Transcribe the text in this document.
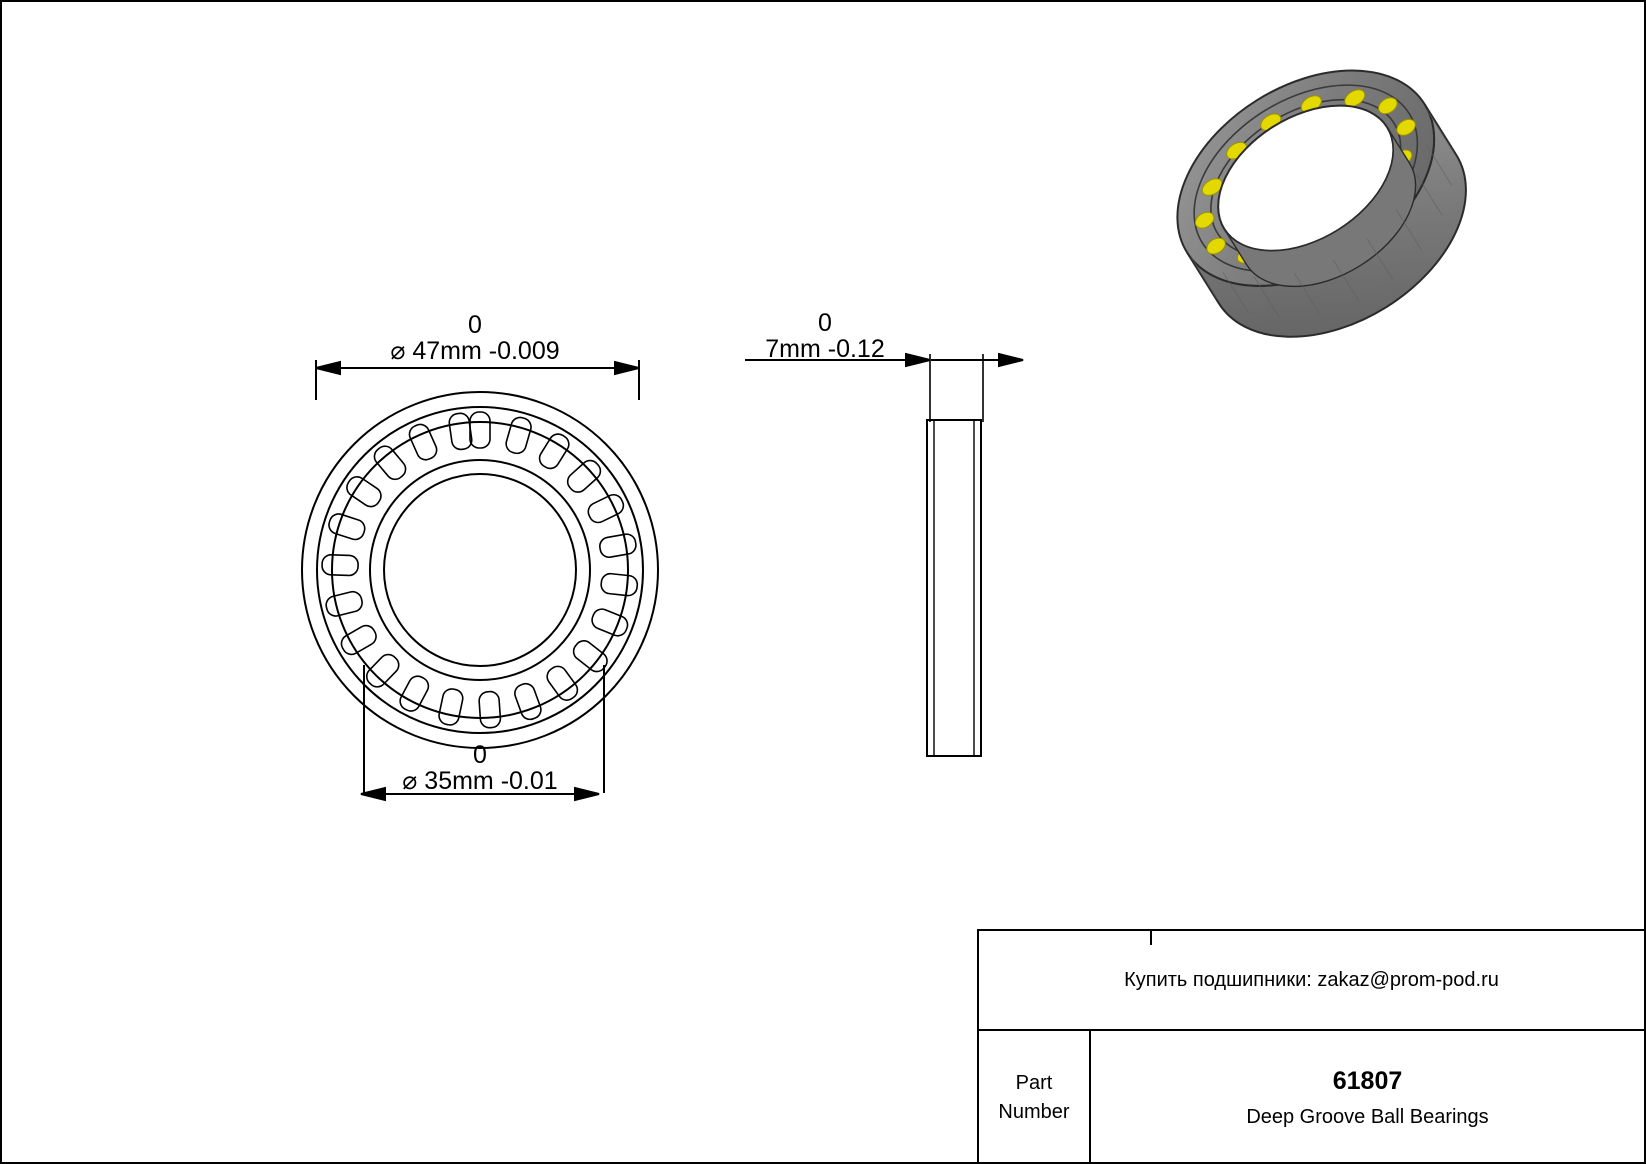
0
⌀ 47mm -0.009
0
⌀ 35mm -0.01
0
7mm -0.12
Купить подшипники: zakaz@prom-pod.ru
Part
Number
61807
Deep Groove Ball Bearings
